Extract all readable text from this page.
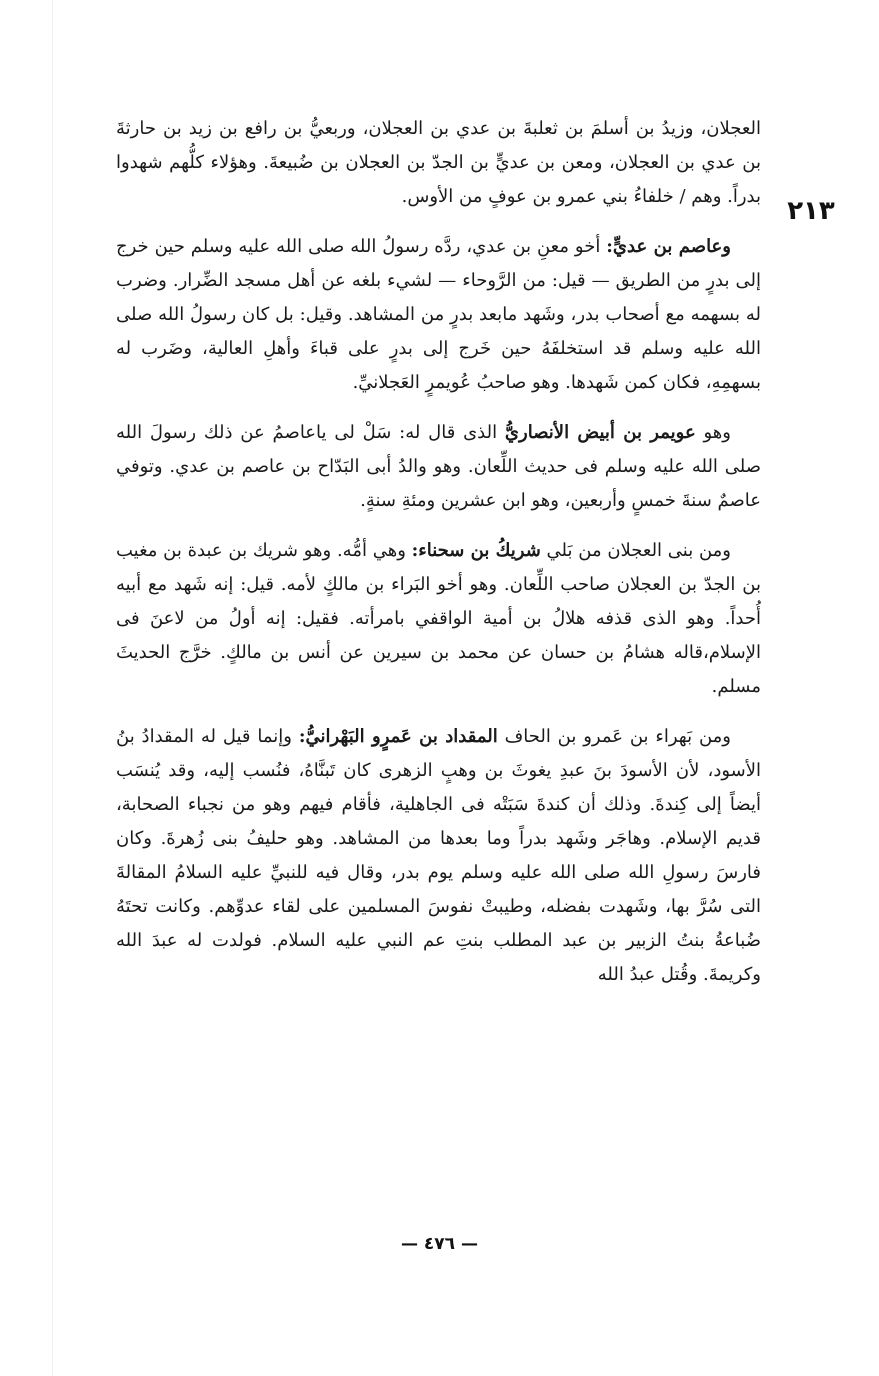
٢١٣

العجلان، وزيدُ بن أسلمَ بن ثعلبةَ بن عدي بن العجلان، وربعيُّ بن رافع بن زيد بن حارثةَ بن عدي بن العجلان، ومعن بن عديٍّ بن الجدّ بن العجلان بن ضُبيعةَ. وهؤلاء كلُّهم شهدوا بدراً. وهم / خلفاءُ بني عمرو بن عوفٍ من الأوس.

وعاصم بن عديٍّ: أخو معنِ بن عدي، ردَّه رسولُ الله صلى الله عليه وسلم حين خرج إلى بدرٍ من الطريق — قيل: من الرَّوحاء — لشيء بلغه عن أهل مسجد الضِّرار. وضرب له بسهمه مع أصحاب بدر، وشَهد مابعد بدرٍ من المشاهد. وقيل: بل كان رسولُ الله صلى الله عليه وسلم قد استخلفَهُ حين خَرج إلى بدرٍ على قباءَ وأهلِ العالية، وضَرب له بسهمِهِ، فكان كمن شَهدها. وهو صاحبُ عُويمرٍ العَجلانيِّ.

وهو عويمر بن أبيض الأنصاريُّ الذى قال له: سَلْ لى ياعاصمُ عن ذلك رسولَ الله صلى الله عليه وسلم فى حديث اللِّعان. وهو والدُ أبى البَدّاح بن عاصم بن عدي. وتوفي عاصمٌ سنةَ خمسٍ وأربعين، وهو ابن عشرين ومئةِ سنةٍ.

ومن بنى العجلان من بَلي شريكُ بن سحناء: وهي أمُّه. وهو شريك بن عبدة بن مغيب بن الجدّ بن العجلان صاحب اللِّعان. وهو أخو البَراء بن مالكٍ لأمه. قيل: إنه شَهد مع أبيه أُحداً. وهو الذى قذفه هلالُ بن أمية الواقفي بامرأته. فقيل: إنه أولُ من لاعنَ فى الإسلام،قاله هشامُ بن حسان عن محمد بن سيرين عن أنس بن مالكٍ. خرَّج الحديثَ مسلم.

ومن بَهراء بن عَمرو بن الحاف المقداد بن عَمرٍو البَهْرانيُّ: وإنما قيل له المقدادُ بنُ الأسود، لأن الأسودَ بنَ عبدِ يغوثَ بن وهبٍ الزهرى كان تَبنَّاهُ، فنُسب إليه، وقد يُنسَب أيضاً إلى كِندةَ. وذلك أن كندةَ سَبَتْه فى الجاهلية، فأقام فيهم وهو من نجباء الصحابة، قديم الإسلام. وهاجَر وشَهد بدراً وما بعدها من المشاهد. وهو حليفُ بنى زُهرةَ. وكان فارسَ رسولِ الله صلى الله عليه وسلم يوم بدر، وقال فيه للنبيِّ عليه السلامُ المقالةَ التى سُرَّ بها، وشَهدت بفضله، وطيبتْ نفوسَ المسلمين على لقاء عدوِّهم. وكانت تحتَهُ ضُباعةُ بنتُ الزبير بن عبد المطلب بنتِ عم النبي عليه السلام. فولدت له عبدَ الله وكريمةَ. وقُتل عبدُ الله

— ٤٧٦ —
